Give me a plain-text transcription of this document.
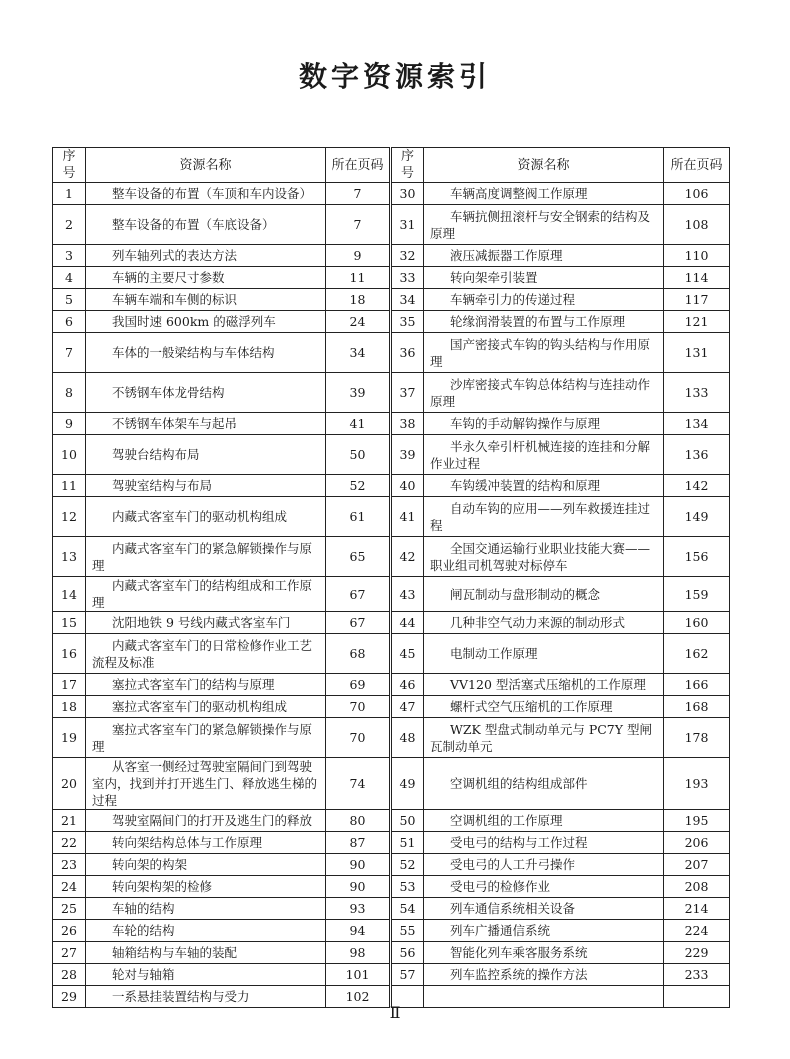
数字资源索引
序号	资源名称	所在页码	序号	资源名称	所在页码
1	整车设备的布置（车顶和车内设备）	7	30	车辆高度调整阀工作原理	106
2	整车设备的布置（车底设备）	7	31	车辆抗侧扭滚杆与安全钢索的结构及原理	108
3	列车轴列式的表达方法	9	32	液压减振器工作原理	110
4	车辆的主要尺寸参数	11	33	转向架牵引装置	114
5	车辆车端和车侧的标识	18	34	车辆牵引力的传递过程	117
6	我国时速 600km 的磁浮列车	24	35	轮缘润滑装置的布置与工作原理	121
7	车体的一般梁结构与车体结构	34	36	国产密接式车钩的钩头结构与作用原理	131
8	不锈钢车体龙骨结构	39	37	沙库密接式车钩总体结构与连挂动作原理	133
9	不锈钢车体架车与起吊	41	38	车钩的手动解钩操作与原理	134
10	驾驶台结构布局	50	39	半永久牵引杆机械连接的连挂和分解作业过程	136
11	驾驶室结构与布局	52	40	车钩缓冲装置的结构和原理	142
12	内藏式客室车门的驱动机构组成	61	41	自动车钩的应用——列车救援连挂过程	149
13	内藏式客室车门的紧急解锁操作与原理	65	42	全国交通运输行业职业技能大赛——职业组司机驾驶对标停车	156
14	内藏式客室车门的结构组成和工作原理	67	43	闸瓦制动与盘形制动的概念	159
15	沈阳地铁 9 号线内藏式客室车门	67	44	几种非空气动力来源的制动形式	160
16	内藏式客室车门的日常检修作业工艺流程及标准	68	45	电制动工作原理	162
17	塞拉式客室车门的结构与原理	69	46	VV120 型活塞式压缩机的工作原理	166
18	塞拉式客室车门的驱动机构组成	70	47	螺杆式空气压缩机的工作原理	168
19	塞拉式客室车门的紧急解锁操作与原理	70	48	WZK 型盘式制动单元与 PC7Y 型闸瓦制动单元	178
20	从客室一侧经过驾驶室隔间门到驾驶室内，找到并打开逃生门、释放逃生梯的过程	74	49	空调机组的结构组成部件	193
21	驾驶室隔间门的打开及逃生门的释放	80	50	空调机组的工作原理	195
22	转向架结构总体与工作原理	87	51	受电弓的结构与工作过程	206
23	转向架的构架	90	52	受电弓的人工升弓操作	207
24	转向架构架的检修	90	53	受电弓的检修作业	208
25	车轴的结构	93	54	列车通信系统相关设备	214
26	车轮的结构	94	55	列车广播通信系统	224
27	轴箱结构与车轴的装配	98	56	智能化列车乘客服务系统	229
28	轮对与轴箱	101	57	列车监控系统的操作方法	233
29	一系悬挂装置结构与受力	102			
Ⅱ
